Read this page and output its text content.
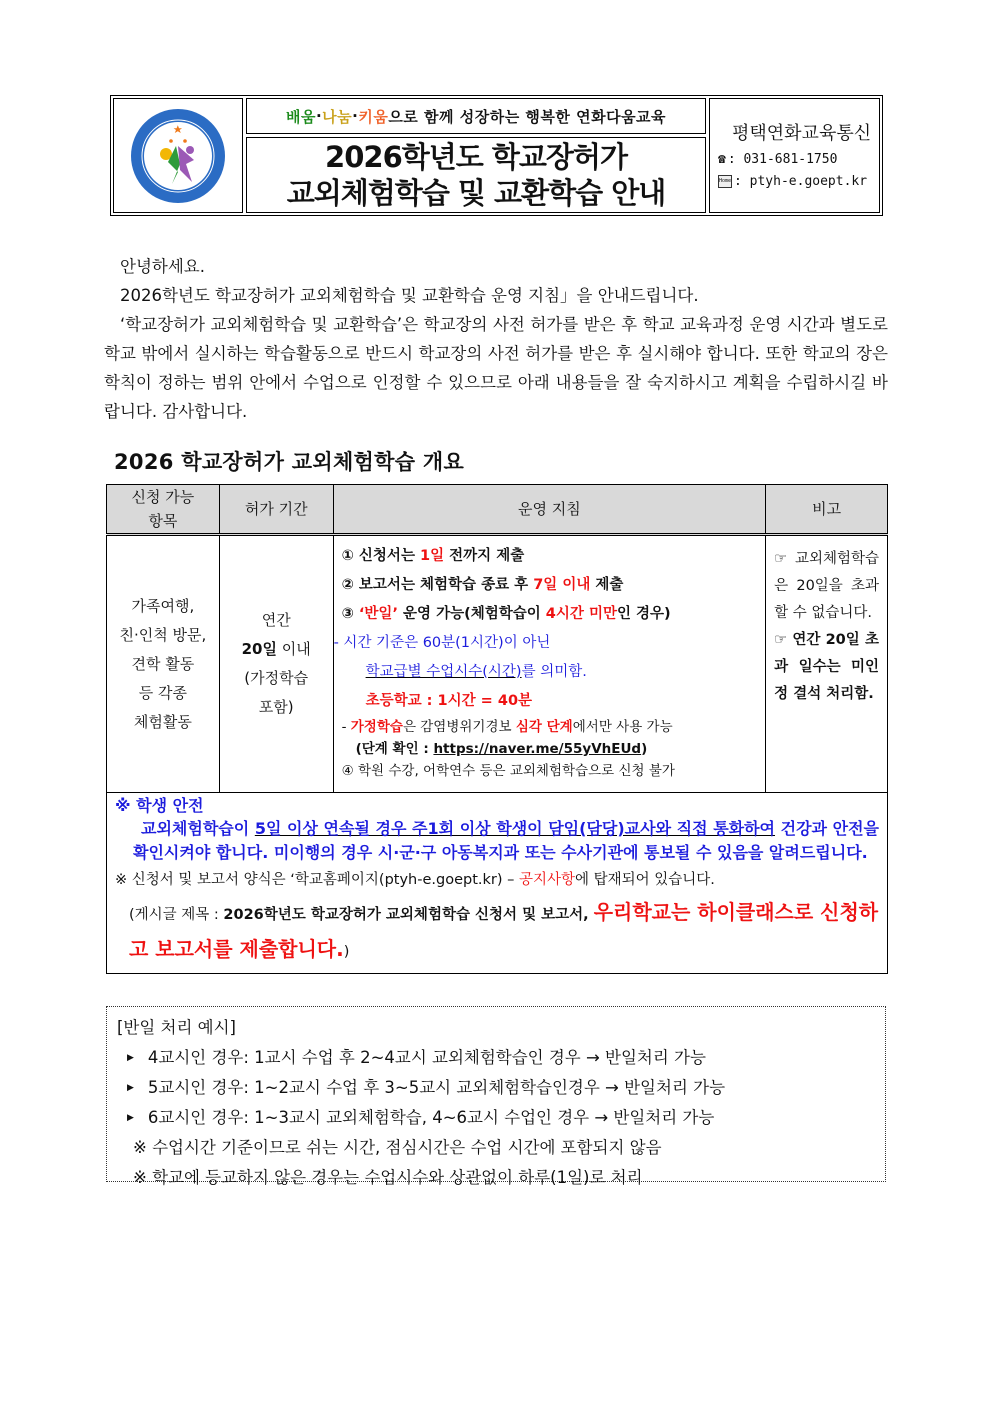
배움 · 나눔 · 키움 으로 함께 성장하는 행복한 연화다움교육
2026학년도 학교장허가
교외체험학습 및 교환학습 안내
평택연화교육통신
☎ : 031-681-1750
Home : ptyh-e.goept.kr

안녕하세요.

2026학년도 학교장허가 교외체험학습 및 교환학습 운영 지침」을 안내드립니다.

‘학교장허가 교외체험학습 및 교환학습’은 학교장의 사전 허가를 받은 후 학교 교육과정 운영 시간과 별도로 학교 밖에서 실시하는 학습활동으로 반드시 학교장의 사전 허가를 받은 후 실시해야 합니다. 또한 학교의 장은 학칙이 정하는 범위 안에서 수업으로 인정할 수 있으므로 아래 내용들을 잘 숙지하시고 계획을 수립하시길 바랍니다. 감사합니다.

2026 학교장허가 교외체험학습 개요
신청 가능
항목	허가 기간	운영 지침	비고

가족여행,
친·인척 방문,
견학 활동
등 각종
체험활동

연간
20일 이내
(가정학습
포함)

① 신청서는 1일 전까지 제출
② 보고서는 체험학습 종료 후 7일 이내 제출
③ ‘반일’ 운영 가능(체험학습이 4시간 미만인 경우)
- 시간 기준은 60분(1시간)이 아닌
학교급별 수업시수(시간)를 의미함.
초등학교 : 1시간 = 40분
- 가정학습은 감염병위기경보 심각 단계에서만 사용 가능
(단계 확인 : https://naver.me/55yVhEUd)
④ 학원 수강, 어학연수 등은 교외체험학습으로 신청 불가

☞ 교외체험학습은 20일을 초과할 수 없습니다.
☞ 연간 20일 초과 일수는 미인정 결석 처리함.

※ 학생 안전
교외체험학습이 5일 이상 연속될 경우 주1회 이상 학생이 담임(담당)교사와 직접 통화하여 건강과 안전을 확인시켜야 합니다. 미이행의 경우 시·군·구 아동복지과 또는 수사기관에 통보될 수 있음을 알려드립니다.
※ 신청서 및 보고서 양식은 ‘학교홈페이지(ptyh-e.goept.kr) – 공지사항에 탑재되어 있습니다.
(게시글 제목 : 2026학년도 학교장허가 교외체험학습 신청서 및 보고서, 우리학교는 하이클래스로 신청하고 보고서를 제출합니다.)			
[반일 처리 예시]
▶ 4교시인 경우: 1교시 수업 후 2~4교시 교외체험학습인 경우 → 반일처리 가능
▶ 5교시인 경우: 1~2교시 수업 후 3~5교시 교외체험학습인경우 → 반일처리 가능
▶ 6교시인 경우: 1~3교시 교외체험학습, 4~6교시 수업인 경우 → 반일처리 가능
※ 수업시간 기준이므로 쉬는 시간, 점심시간은 수업 시간에 포함되지 않음
※ 학교에 등교하지 않은 경우는 수업시수와 상관없이 하루(1일)로 처리
